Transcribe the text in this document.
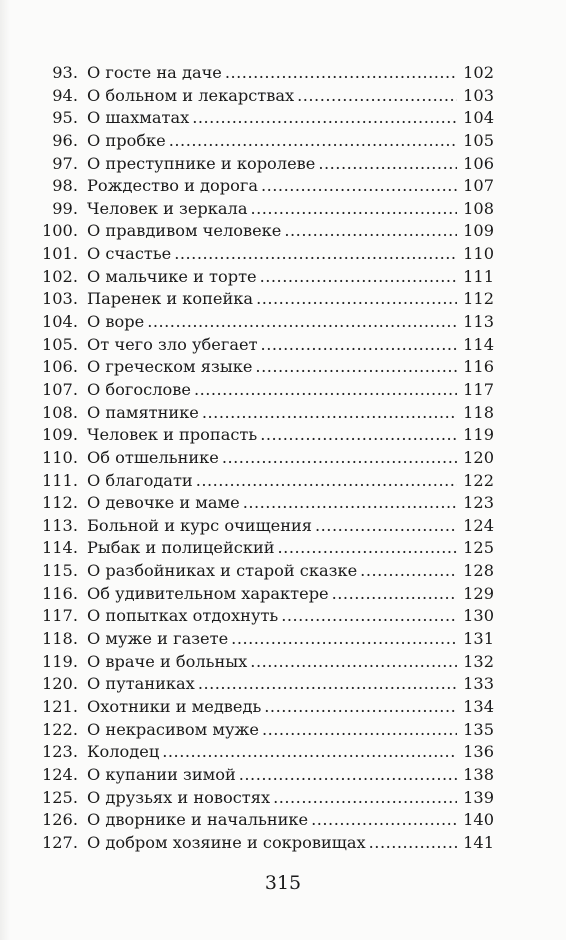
93. О госте на даче .....	102
94. О больном и лекарствах .....	103
95. О шахматах .....	104
96. О пробке .....	105
97. О преступнике и королеве .....	106
98. Рождество и дорога .....	107
99. Человек и зеркала .....	108
100. О правдивом человеке .....	109
101. О счастье .....	110
102. О мальчике и торте .....	111
103. Паренек и копейка .....	112
104. О воре .....	113
105. От чего зло убегает .....	114
106. О греческом языке .....	116
107. О богослове .....	117
108. О памятнике .....	118
109. Человек и пропасть .....	119
110. Об отшельнике .....	120
111. О благодати .....	122
112. О девочке и маме .....	123
113. Больной и курс очищения .....	124
114. Рыбак и полицейский .....	125
115. О разбойниках и старой сказке .....	128
116. Об удивительном характере .....	129
117. О попытках отдохнуть .....	130
118. О муже и газете .....	131
119. О враче и больных .....	132
120. О путаниках .....	133
121. Охотники и медведь .....	134
122. О некрасивом муже .....	135
123. Колодец .....	136
124. О купании зимой .....	138
125. О друзьях и новостях .....	139
126. О дворнике и начальнике .....	140
127. О добром хозяине и сокровищах .....	141
315
